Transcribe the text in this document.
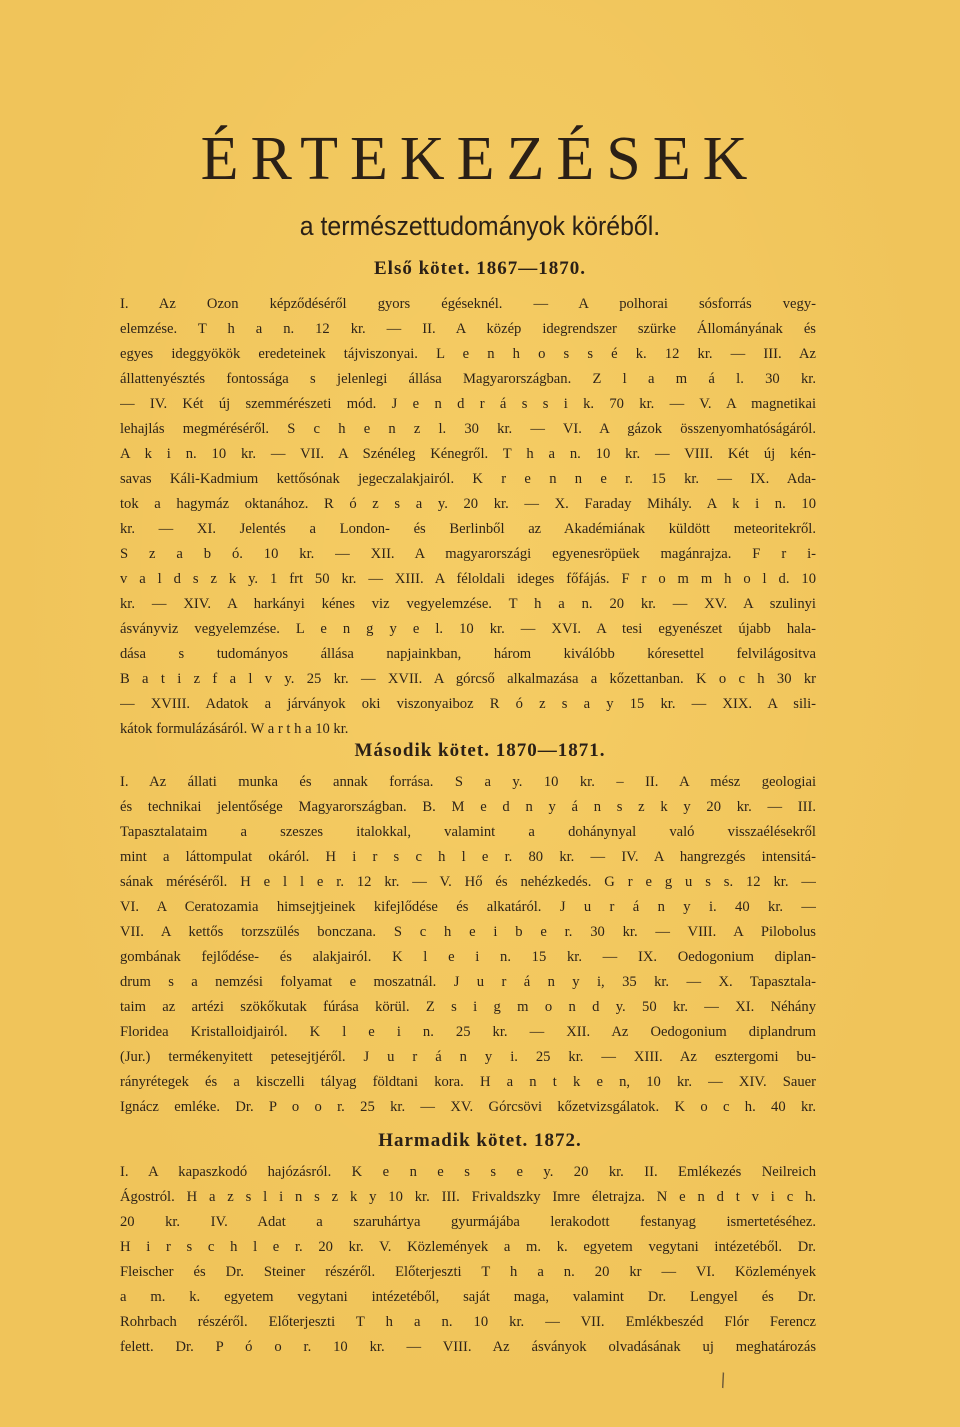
ÉRTEKEZÉSEK
a természettudományok köréből.
Első kötet. 1867—1870.
I. Az Ozon képződéséről gyors égéseknél. — A polhorai sósforrás vegy-
elemzése. T h a n. 12 kr. — II. A közép idegrendszer szürke Állományának és
egyes ideggyökök eredeteinek tájviszonyai. L e n h o s s é k. 12 kr. — III. Az
állattenyésztés fontossága s jelenlegi állása Magyarországban. Z l a m á l. 30 kr.
— IV. Két új szemmérészeti mód. J e n d r á s s i k. 70 kr. — V. A magnetikai
lehajlás megméréséről. S c h e n z l. 30 kr. — VI. A gázok összenyomhatóságáról.
A k i n. 10 kr. — VII. A Szénéleg Kénegről. T h a n. 10 kr. — VIII. Két új kén-
savas Káli-Kadmium kettősónak jegeczalakjairól. K r e n n e r. 15 kr. — IX. Ada-
tok a hagymáz oktanához. R ó z s a y. 20 kr. — X. Faraday Mihály. A k i n. 10
kr. — XI. Jelentés a London- és Berlinből az Akadémiának küldött meteoritekről.
S z a b ó. 10 kr. — XII. A magyarországi egyenesröpüek magánrajza. F r i-
v a l d s z k y. 1 frt 50 kr. — XIII. A féloldali ideges főfájás. F r o m m h o l d. 10
kr. — XIV. A harkányi kénes viz vegyelemzése. T h a n. 20 kr. — XV. A szulinyi
ásványviz vegyelemzése. L e n g y e l. 10 kr. — XVI. A tesi egyenészet újabb hala-
dása s tudományos állása napjainkban, három kiválóbb kóresettel felvilágositva
B a t i z f a l v y. 25 kr. — XVII. A górcső alkalmazása a kőzettanban. K o c h 30 kr
— XVIII. Adatok a járványok oki viszonyaiboz R ó z s a y 15 kr. — XIX. A sili-
kátok formulázásáról. W a r t h a 10 kr.
Második kötet. 1870—1871.
I. Az állati munka és annak forrása. S a y. 10 kr. – II. A mész geologiai
és technikai jelentősége Magyarországban. B. M e d n y á n s z k y 20 kr. — III.
Tapasztalataim a szeszes italokkal, valamint a dohánynyal való visszaélésekről
mint a láttompulat okáról. H i r s c h l e r. 80 kr. — IV. A hangrezgés intensitá-
sának méréséről. H e l l e r. 12 kr. — V. Hő és nehézkedés. G r e g u s s. 12 kr. —
VI. A Ceratozamia himsejtjeinek kifejlődése és alkatáról. J u r á n y i. 40 kr. —
VII. A kettős torzszülés bonczana. S c h e i b e r. 30 kr. — VIII. A Pilobolus
gombának fejlődése- és alakjairól. K l e i n. 15 kr. — IX. Oedogonium diplan-
drum s a nemzési folyamat e moszatnál. J u r á n y i, 35 kr. — X. Tapasztala-
taim az artézi szökőkutak fúrása körül. Z s i g m o n d y. 50 kr. — XI. Néhány
Floridea Kristalloidjairól. K l e i n. 25 kr. — XII. Az Oedogonium diplandrum
(Jur.) termékenyitett petesejtjéről. J u r á n y i. 25 kr. — XIII. Az esztergomi bu-
rányrétegek és a kisczelli tályag földtani kora. H a n t k e n, 10 kr. — XIV. Sauer
Ignácz emléke. Dr. P o o r. 25 kr. — XV. Górcsövi kőzetvizsgálatok. K o c h. 40 kr.
Harmadik kötet. 1872.
I. A kapaszkodó hajózásról. K e n e s s e y. 20 kr. II. Emlékezés Neilreich
Ágostról. H a z s l i n s z k y 10 kr. III. Frivaldszky Imre életrajza. N e n d t v i c h.
20 kr. IV. Adat a szaruhártya gyurmájába lerakodott festanyag ismertetéséhez.
H i r s c h l e r. 20 kr. V. Közlemények a m. k. egyetem vegytani intézetéből. Dr.
Fleischer és Dr. Steiner részéről. Előterjeszti T h a n. 20 kr — VI. Közlemények
a m. k. egyetem vegytani intézetéből, saját maga, valamint Dr. Lengyel és Dr.
Rohrbach részéről. Előterjeszti T h a n. 10 kr. — VII. Emlékbeszéd Flór Ferencz
felett. Dr. P ó o r. 10 kr. — VIII. Az ásványok olvadásának uj meghatározás
\
